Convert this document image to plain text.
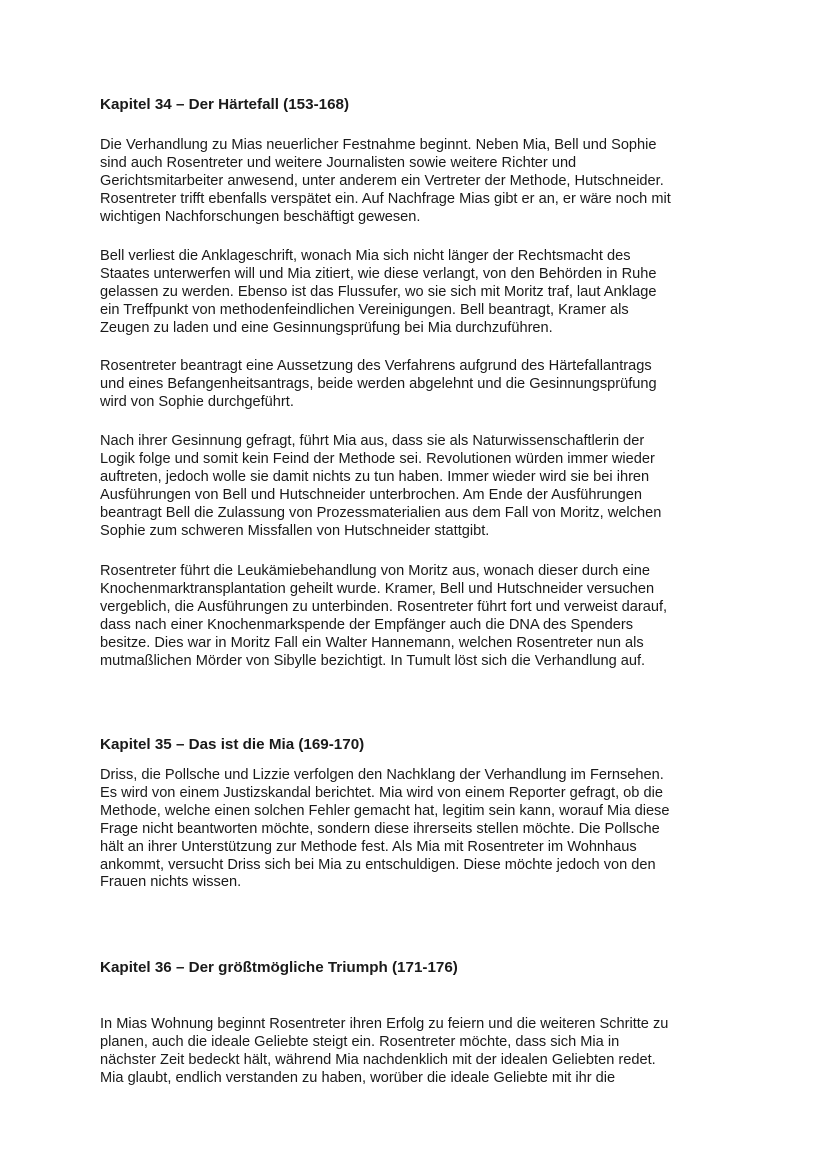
Kapitel 34 – Der Härtefall (153-168)

Die Verhandlung zu Mias neuerlicher Festnahme beginnt. Neben Mia, Bell und Sophie
sind auch Rosentreter und weitere Journalisten sowie weitere Richter und
Gerichtsmitarbeiter anwesend, unter anderem ein Vertreter der Methode, Hutschneider.
Rosentreter trifft ebenfalls verspätet ein. Auf Nachfrage Mias gibt er an, er wäre noch mit
wichtigen Nachforschungen beschäftigt gewesen.

Bell verliest die Anklageschrift, wonach Mia sich nicht länger der Rechtsmacht des
Staates unterwerfen will und Mia zitiert, wie diese verlangt, von den Behörden in Ruhe
gelassen zu werden. Ebenso ist das Flussufer, wo sie sich mit Moritz traf, laut Anklage
ein Treffpunkt von methodenfeindlichen Vereinigungen. Bell beantragt, Kramer als
Zeugen zu laden und eine Gesinnungsprüfung bei Mia durchzuführen.

Rosentreter beantragt eine Aussetzung des Verfahrens aufgrund des Härtefallantrags
und eines Befangenheitsantrags, beide werden abgelehnt und die Gesinnungsprüfung
wird von Sophie durchgeführt.

Nach ihrer Gesinnung gefragt, führt Mia aus, dass sie als Naturwissenschaftlerin der
Logik folge und somit kein Feind der Methode sei. Revolutionen würden immer wieder
auftreten, jedoch wolle sie damit nichts zu tun haben. Immer wieder wird sie bei ihren
Ausführungen von Bell und Hutschneider unterbrochen. Am Ende der Ausführungen
beantragt Bell die Zulassung von Prozessmaterialien aus dem Fall von Moritz, welchen
Sophie zum schweren Missfallen von Hutschneider stattgibt.

Rosentreter führt die Leukämiebehandlung von Moritz aus, wonach dieser durch eine
Knochenmarktransplantation geheilt wurde. Kramer, Bell und Hutschneider versuchen
vergeblich, die Ausführungen zu unterbinden. Rosentreter führt fort und verweist darauf,
dass nach einer Knochenmarkspende der Empfänger auch die DNA des Spenders
besitze. Dies war in Moritz Fall ein Walter Hannemann, welchen Rosentreter nun als
mutmaßlichen Mörder von Sibylle bezichtigt. In Tumult löst sich die Verhandlung auf.

Kapitel 35 – Das ist die Mia (169-170)

Driss, die Pollsche und Lizzie verfolgen den Nachklang der Verhandlung im Fernsehen.
Es wird von einem Justizskandal berichtet. Mia wird von einem Reporter gefragt, ob die
Methode, welche einen solchen Fehler gemacht hat, legitim sein kann, worauf Mia diese
Frage nicht beantworten möchte, sondern diese ihrerseits stellen möchte. Die Pollsche
hält an ihrer Unterstützung zur Methode fest. Als Mia mit Rosentreter im Wohnhaus
ankommt, versucht Driss sich bei Mia zu entschuldigen. Diese möchte jedoch von den
Frauen nichts wissen.

Kapitel 36 – Der größtmögliche Triumph (171-176)

In Mias Wohnung beginnt Rosentreter ihren Erfolg zu feiern und die weiteren Schritte zu
planen, auch die ideale Geliebte steigt ein. Rosentreter möchte, dass sich Mia in
nächster Zeit bedeckt hält, während Mia nachdenklich mit der idealen Geliebten redet.
Mia glaubt, endlich verstanden zu haben, worüber die ideale Geliebte mit ihr die
